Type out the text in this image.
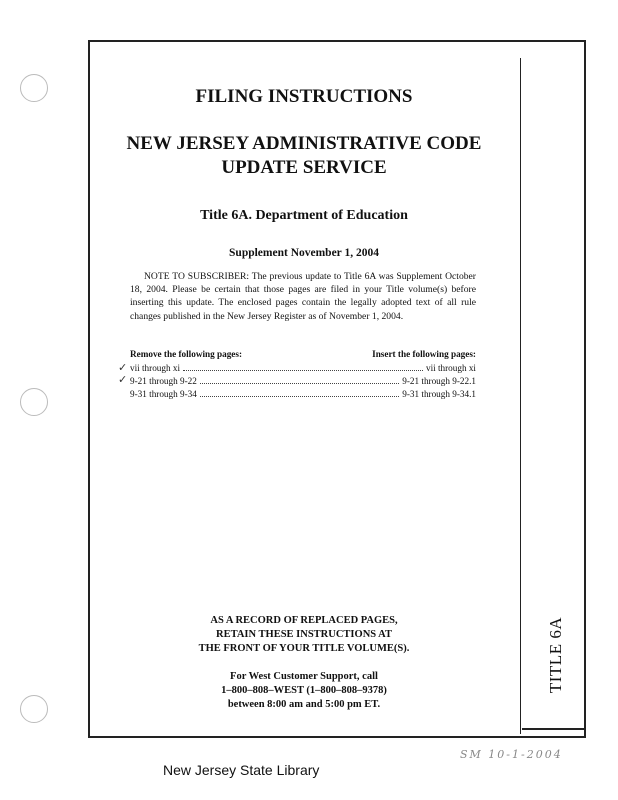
TITLE 6A
FILING INSTRUCTIONS
NEW JERSEY ADMINISTRATIVE CODE
UPDATE SERVICE
Title 6A. Department of Education
Supplement November 1, 2004
NOTE TO SUBSCRIBER: The previous update to Title 6A was Supplement October 18, 2004. Please be certain that those pages are filed in your Title volume(s) before inserting this update. The enclosed pages contain the legally adopted text of all rule changes published in the New Jersey Register as of November 1, 2004.
Remove the following pages:	Insert the following pages:
vii through xi	vii through xi
9-21 through 9-22	9-21 through 9-22.1
9-31 through 9-34	9-31 through 9-34.1
✓
✓
AS A RECORD OF REPLACED PAGES,
RETAIN THESE INSTRUCTIONS AT
THE FRONT OF YOUR TITLE VOLUME(S).
For West Customer Support, call
1–800–808–WEST (1–800–808–9378)
between 8:00 am and 5:00 pm ET.
New Jersey State Library
SM 10-1-2004
